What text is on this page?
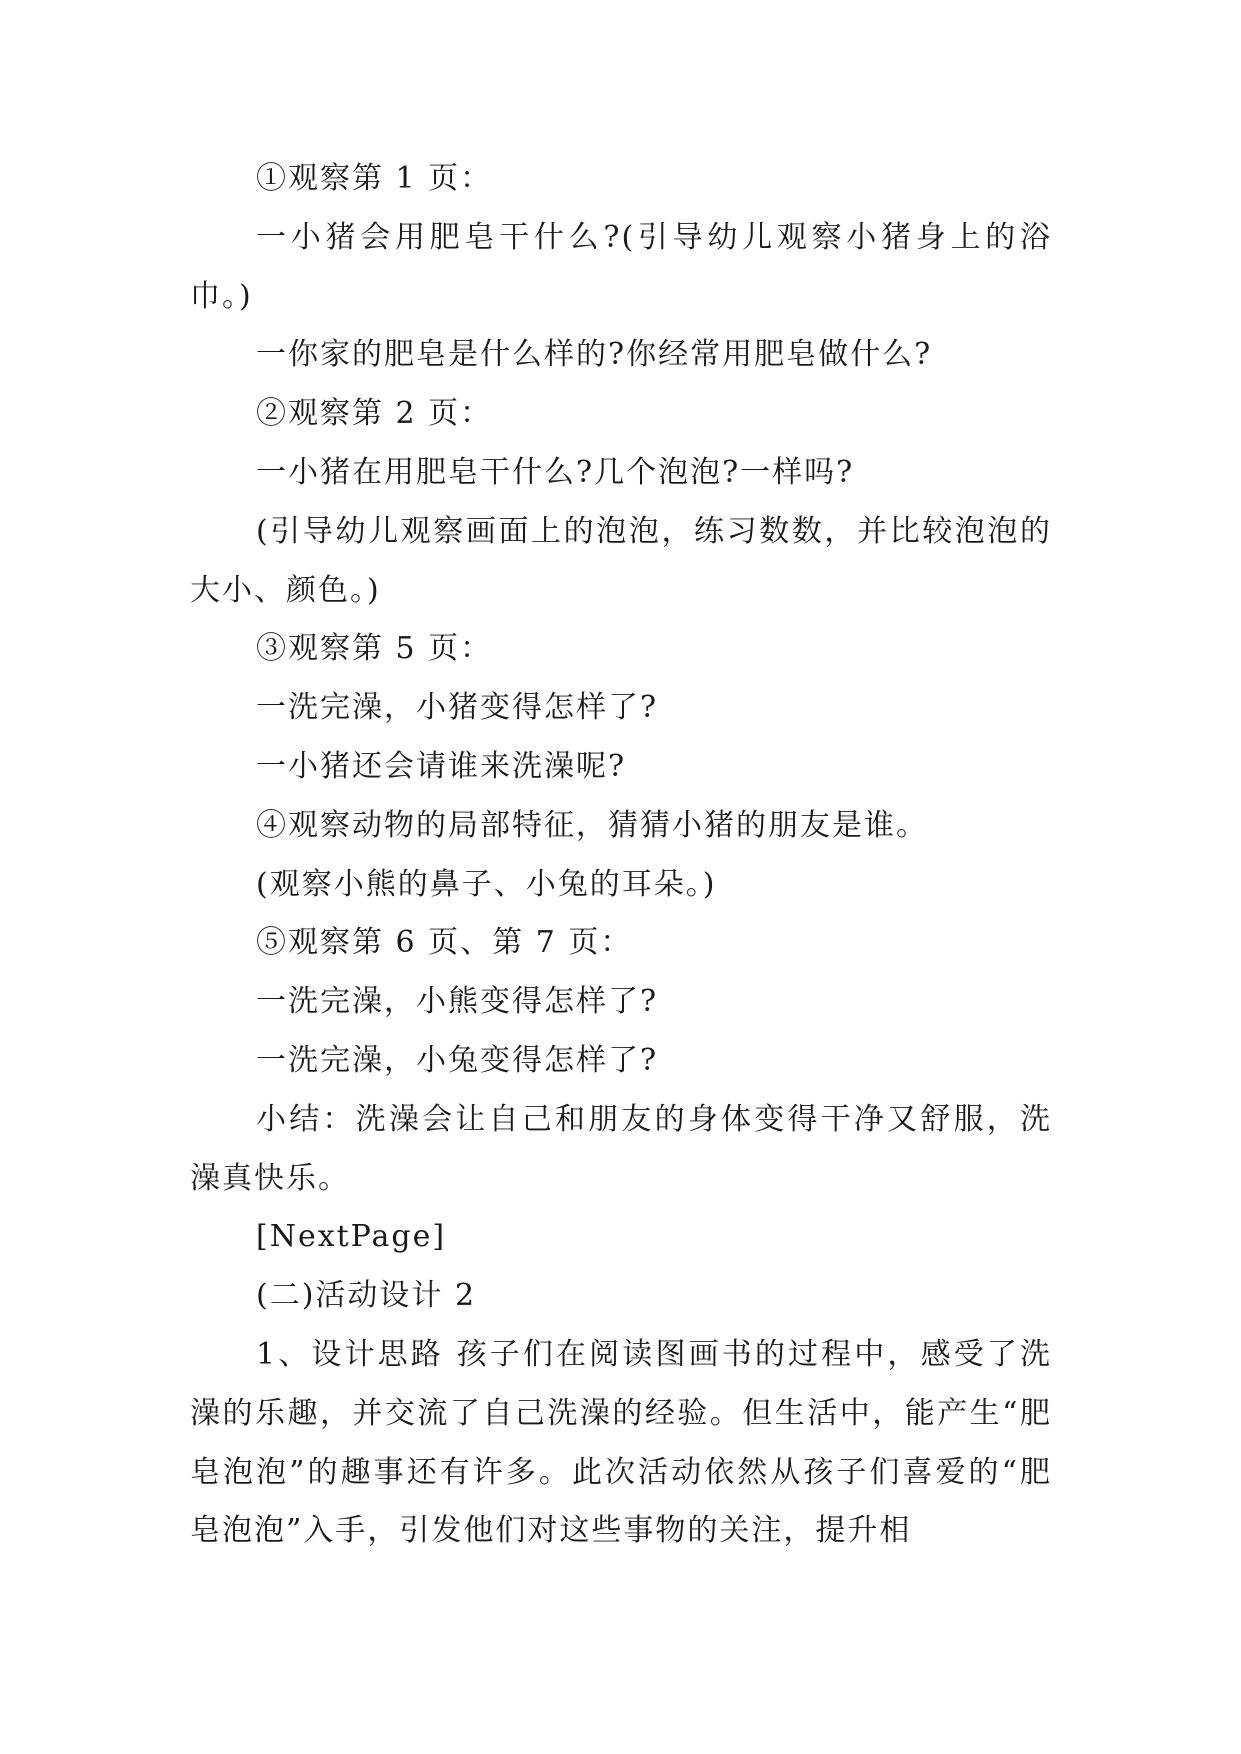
①观察第 1 页：

一小猪会用肥皂干什么?(引导幼儿观察小猪身上的浴巾。)

一你家的肥皂是什么样的?你经常用肥皂做什么?

②观察第 2 页：

一小猪在用肥皂干什么?几个泡泡?一样吗?

(引导幼儿观察画面上的泡泡，练习数数，并比较泡泡的大小、颜色。)

③观察第 5 页：

一洗完澡，小猪变得怎样了?

一小猪还会请谁来洗澡呢?

④观察动物的局部特征，猜猜小猪的朋友是谁。

(观察小熊的鼻子、小兔的耳朵。)

⑤观察第 6 页、第 7 页：

一洗完澡，小熊变得怎样了?

一洗完澡，小兔变得怎样了?

小结：洗澡会让自己和朋友的身体变得干净又舒服，洗澡真快乐。

[NextPage]

(二)活动设计 2

1、设计思路 孩子们在阅读图画书的过程中，感受了洗澡的乐趣，并交流了自己洗澡的经验。但生活中，能产生“肥皂泡泡”的趣事还有许多。此次活动依然从孩子们喜爱的“肥皂泡泡”入手，引发他们对这些事物的关注，提升相
